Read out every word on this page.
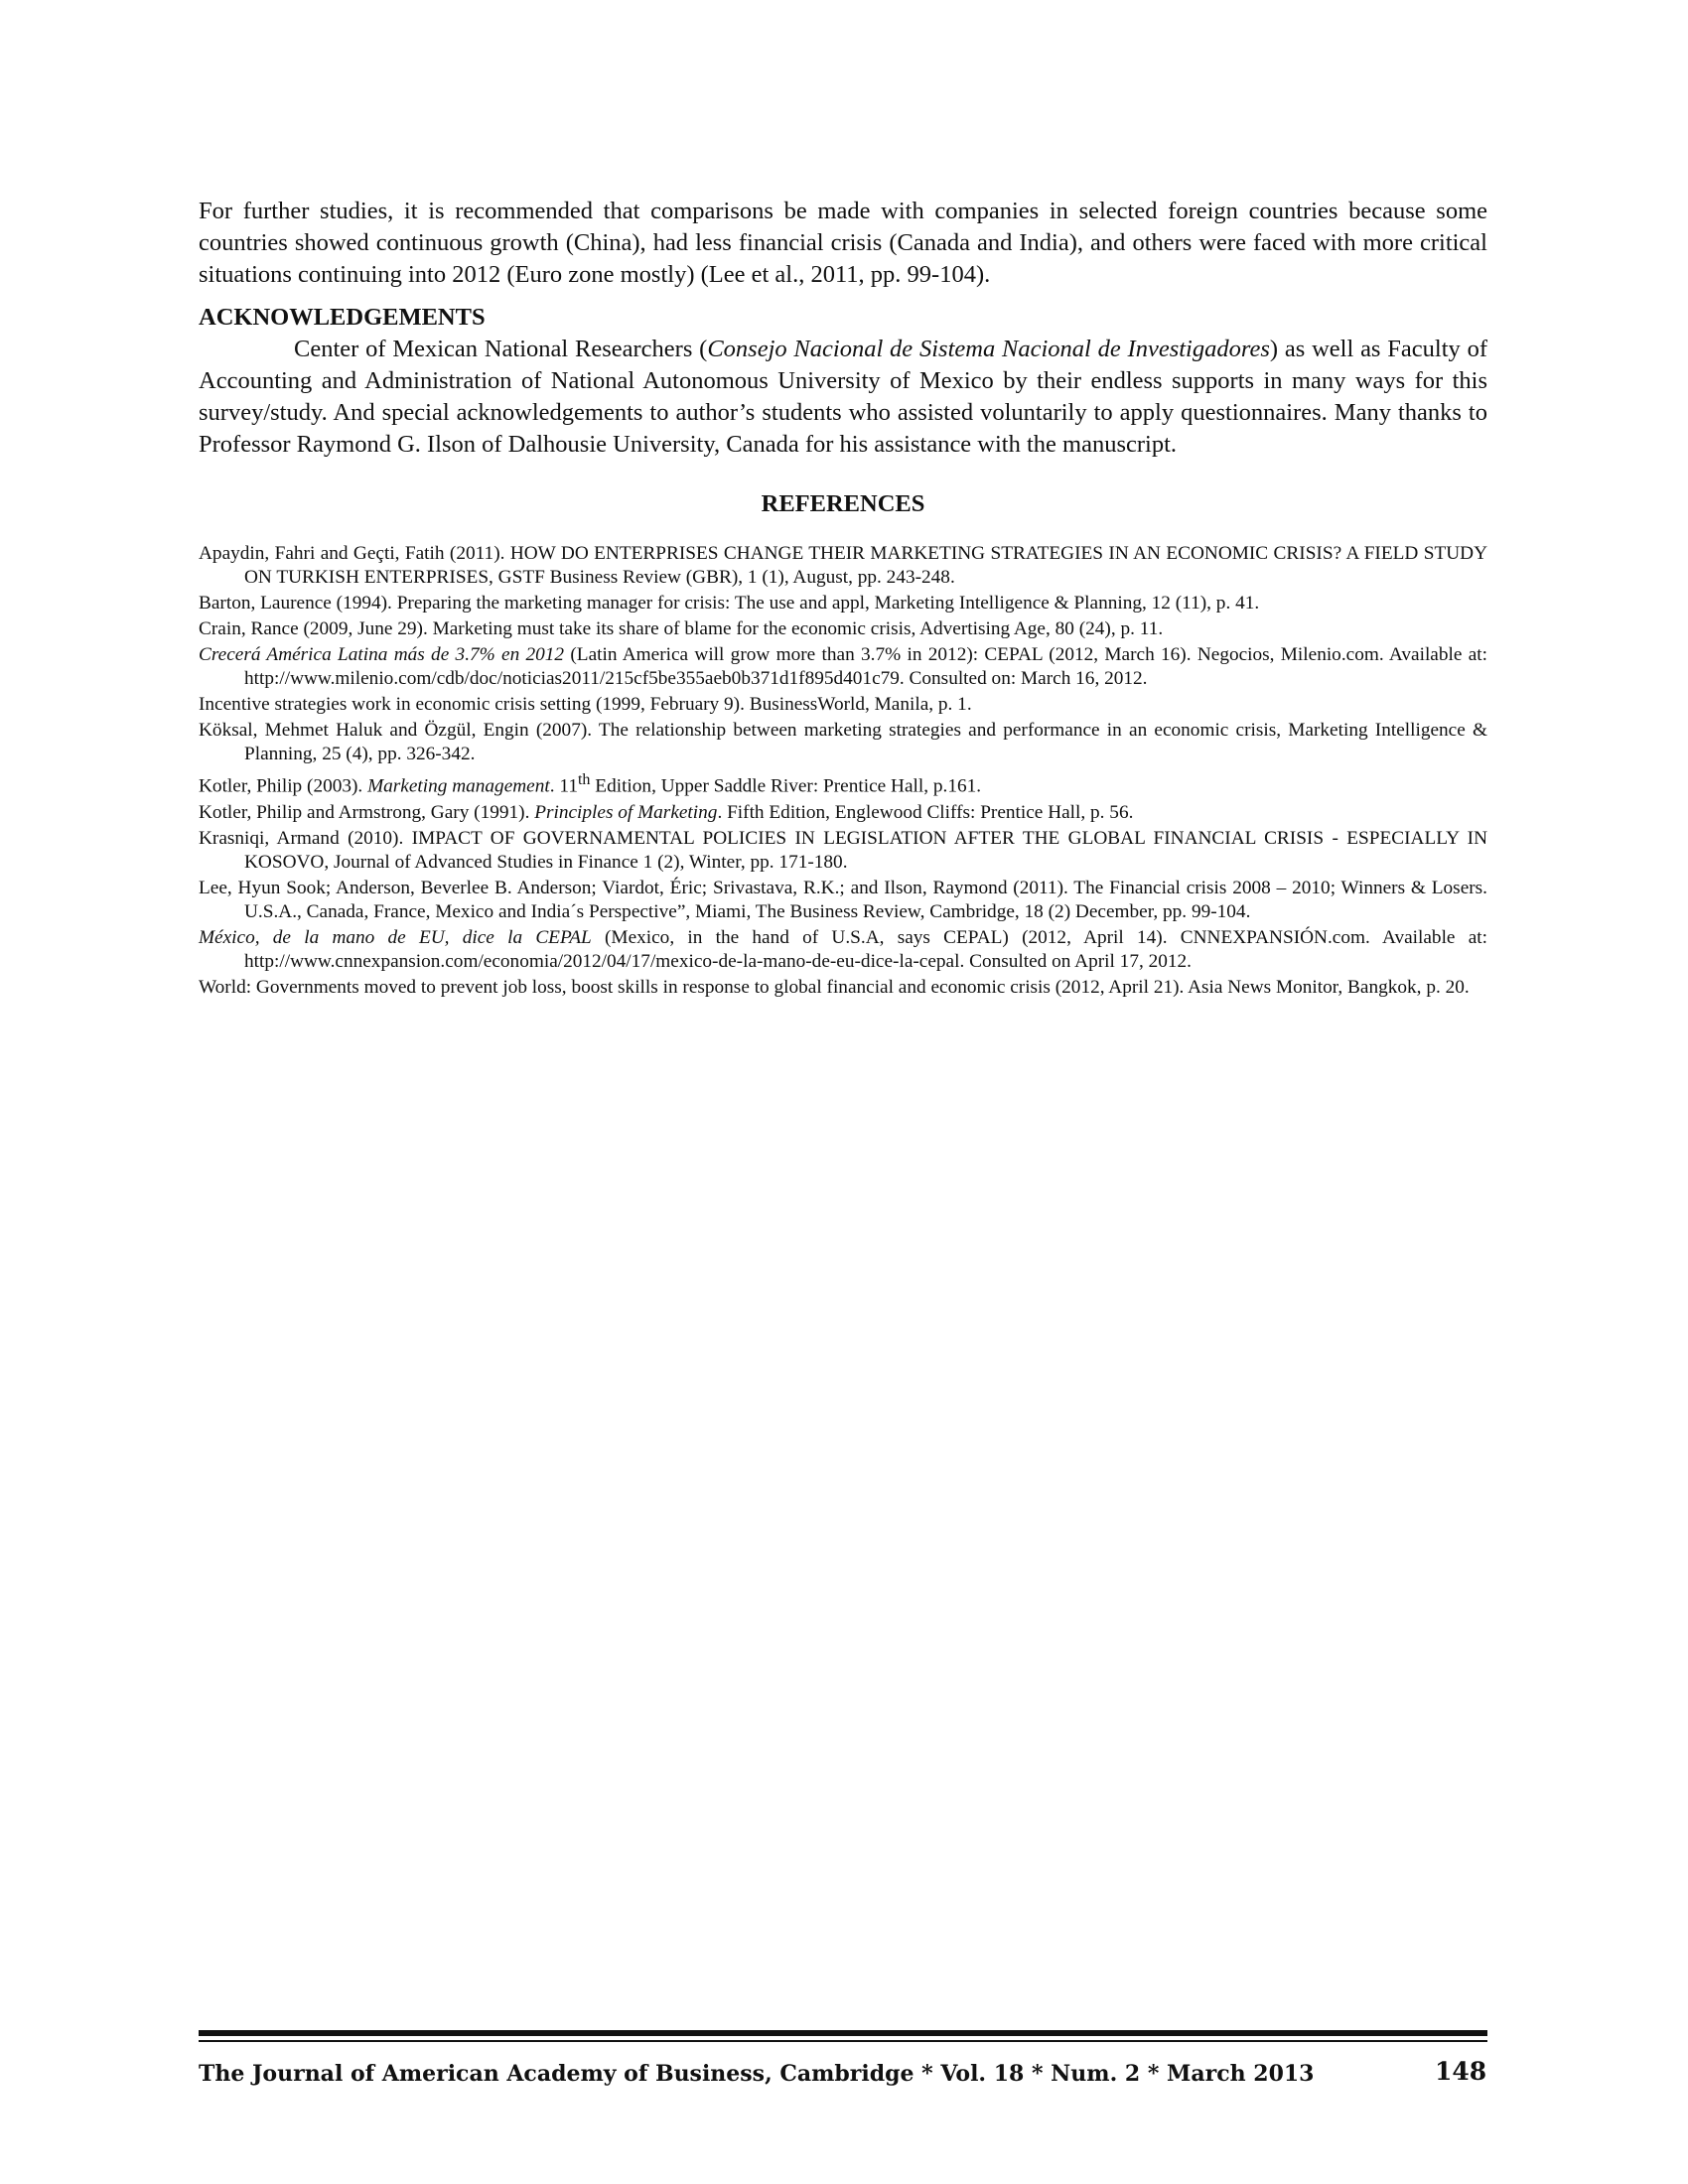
For further studies, it is recommended that comparisons be made with companies in selected foreign countries because some countries showed continuous growth (China), had less financial crisis (Canada and India), and others were faced with more critical situations continuing into 2012 (Euro zone mostly) (Lee et al., 2011, pp. 99-104).

ACKNOWLEDGEMENTS

Center of Mexican National Researchers (Consejo Nacional de Sistema Nacional de Investigadores) as well as Faculty of Accounting and Administration of National Autonomous University of Mexico by their endless supports in many ways for this survey/study. And special acknowledgements to author’s students who assisted voluntarily to apply questionnaires. Many thanks to Professor Raymond G. Ilson of Dalhousie University, Canada for his assistance with the manuscript.

REFERENCES
Apaydin, Fahri and Geçti, Fatih (2011). HOW DO ENTERPRISES CHANGE THEIR MARKETING STRATEGIES IN AN ECONOMIC CRISIS? A FIELD STUDY ON TURKISH ENTERPRISES, GSTF Business Review (GBR), 1 (1), August, pp. 243-248.
Barton, Laurence (1994). Preparing the marketing manager for crisis: The use and appl, Marketing Intelligence & Planning, 12 (11), p. 41.
Crain, Rance (2009, June 29). Marketing must take its share of blame for the economic crisis, Advertising Age, 80 (24), p. 11.
Crecerá América Latina más de 3.7% en 2012 (Latin America will grow more than 3.7% in 2012): CEPAL (2012, March 16). Negocios, Milenio.com. Available at: http://www.milenio.com/cdb/doc/noticias2011/215cf5be355aeb0b371d1f895d401c79. Consulted on: March 16, 2012.
Incentive strategies work in economic crisis setting (1999, February 9). BusinessWorld, Manila, p. 1.
Köksal, Mehmet Haluk and Özgül, Engin (2007). The relationship between marketing strategies and performance in an economic crisis, Marketing Intelligence & Planning, 25 (4), pp. 326-342.
Kotler, Philip (2003). Marketing management. 11th Edition, Upper Saddle River: Prentice Hall, p.161.
Kotler, Philip and Armstrong, Gary (1991). Principles of Marketing. Fifth Edition, Englewood Cliffs: Prentice Hall, p. 56.
Krasniqi, Armand (2010). IMPACT OF GOVERNAMENTAL POLICIES IN LEGISLATION AFTER THE GLOBAL FINANCIAL CRISIS - ESPECIALLY IN KOSOVO, Journal of Advanced Studies in Finance 1 (2), Winter, pp. 171-180.
Lee, Hyun Sook; Anderson, Beverlee B. Anderson; Viardot, Éric; Srivastava, R.K.; and Ilson, Raymond (2011). The Financial crisis 2008 – 2010; Winners & Losers. U.S.A., Canada, France, Mexico and India´s Perspective”, Miami, The Business Review, Cambridge, 18 (2) December, pp. 99-104.
México, de la mano de EU, dice la CEPAL (Mexico, in the hand of U.S.A, says CEPAL) (2012, April 14). CNNEXPANSIÓN.com. Available at: http://www.cnnexpansion.com/economia/2012/04/17/mexico-de-la-mano-de-eu-dice-la-cepal. Consulted on April 17, 2012.
World: Governments moved to prevent job loss, boost skills in response to global financial and economic crisis (2012, April 21). Asia News Monitor, Bangkok, p. 20.
The Journal of American Academy of Business, Cambridge * Vol. 18 * Num. 2 * March 2013	148
